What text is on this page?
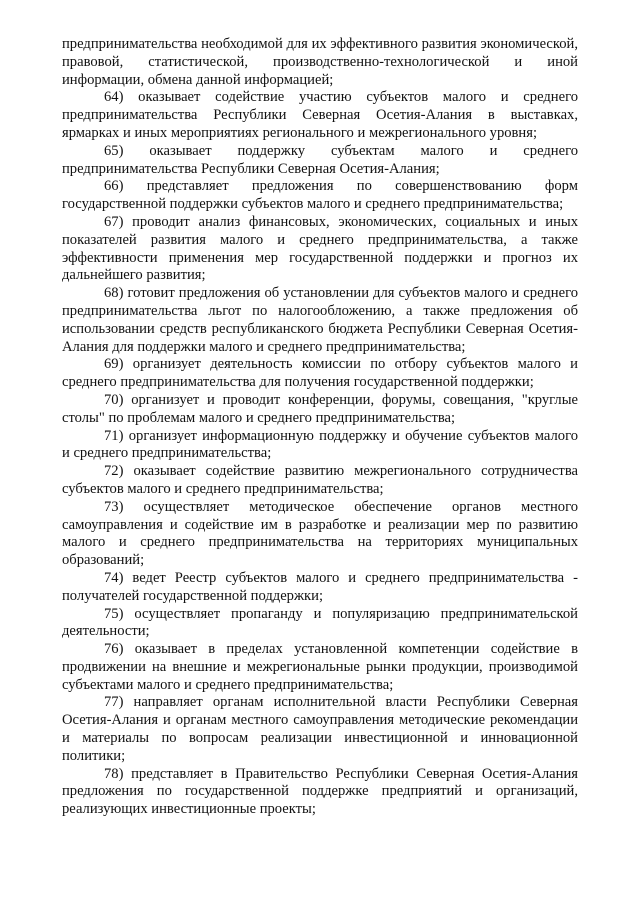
предпринимательства необходимой для их эффективного развития экономической, правовой, статистической, производственно-технологической и иной информации, обмена данной информацией;

64) оказывает содействие участию субъектов малого и среднего предпринимательства Республики Северная Осетия-Алания в выставках, ярмарках и иных мероприятиях регионального и межрегионального уровня;

65) оказывает поддержку субъектам малого и среднего предпринимательства Республики Северная Осетия-Алания;

66) представляет предложения по совершенствованию форм государственной поддержки субъектов малого и среднего предпринимательства;

67) проводит анализ финансовых, экономических, социальных и иных показателей развития малого и среднего предпринимательства, а также эффективности применения мер государственной поддержки и прогноз их дальнейшего развития;

68) готовит предложения об установлении для субъектов малого и среднего предпринимательства льгот по налогообложению, а также предложения об использовании средств республиканского бюджета Республики Северная Осетия-Алания для поддержки малого и среднего предпринимательства;

69) организует деятельность комиссии по отбору субъектов малого и среднего предпринимательства для получения государственной поддержки;

70) организует и проводит конференции, форумы, совещания, "круглые столы" по проблемам малого и среднего предпринимательства;

71) организует информационную поддержку и обучение субъектов малого и среднего предпринимательства;

72) оказывает содействие развитию межрегионального сотрудничества субъектов малого и среднего предпринимательства;

73) осуществляет методическое обеспечение органов местного самоуправления и содействие им в разработке и реализации мер по развитию малого и среднего предпринимательства на территориях муниципальных образований;

74) ведет Реестр субъектов малого и среднего предпринимательства - получателей государственной поддержки;

75) осуществляет пропаганду и популяризацию предпринимательской деятельности;

76) оказывает в пределах установленной компетенции содействие в продвижении на внешние и межрегиональные рынки продукции, производимой субъектами малого и среднего предпринимательства;

77) направляет органам исполнительной власти Республики Северная Осетия-Алания и органам местного самоуправления методические рекомендации и материалы по вопросам реализации инвестиционной и инновационной политики;

78) представляет в Правительство Республики Северная Осетия-Алания предложения по государственной поддержке предприятий и организаций, реализующих инвестиционные проекты;
